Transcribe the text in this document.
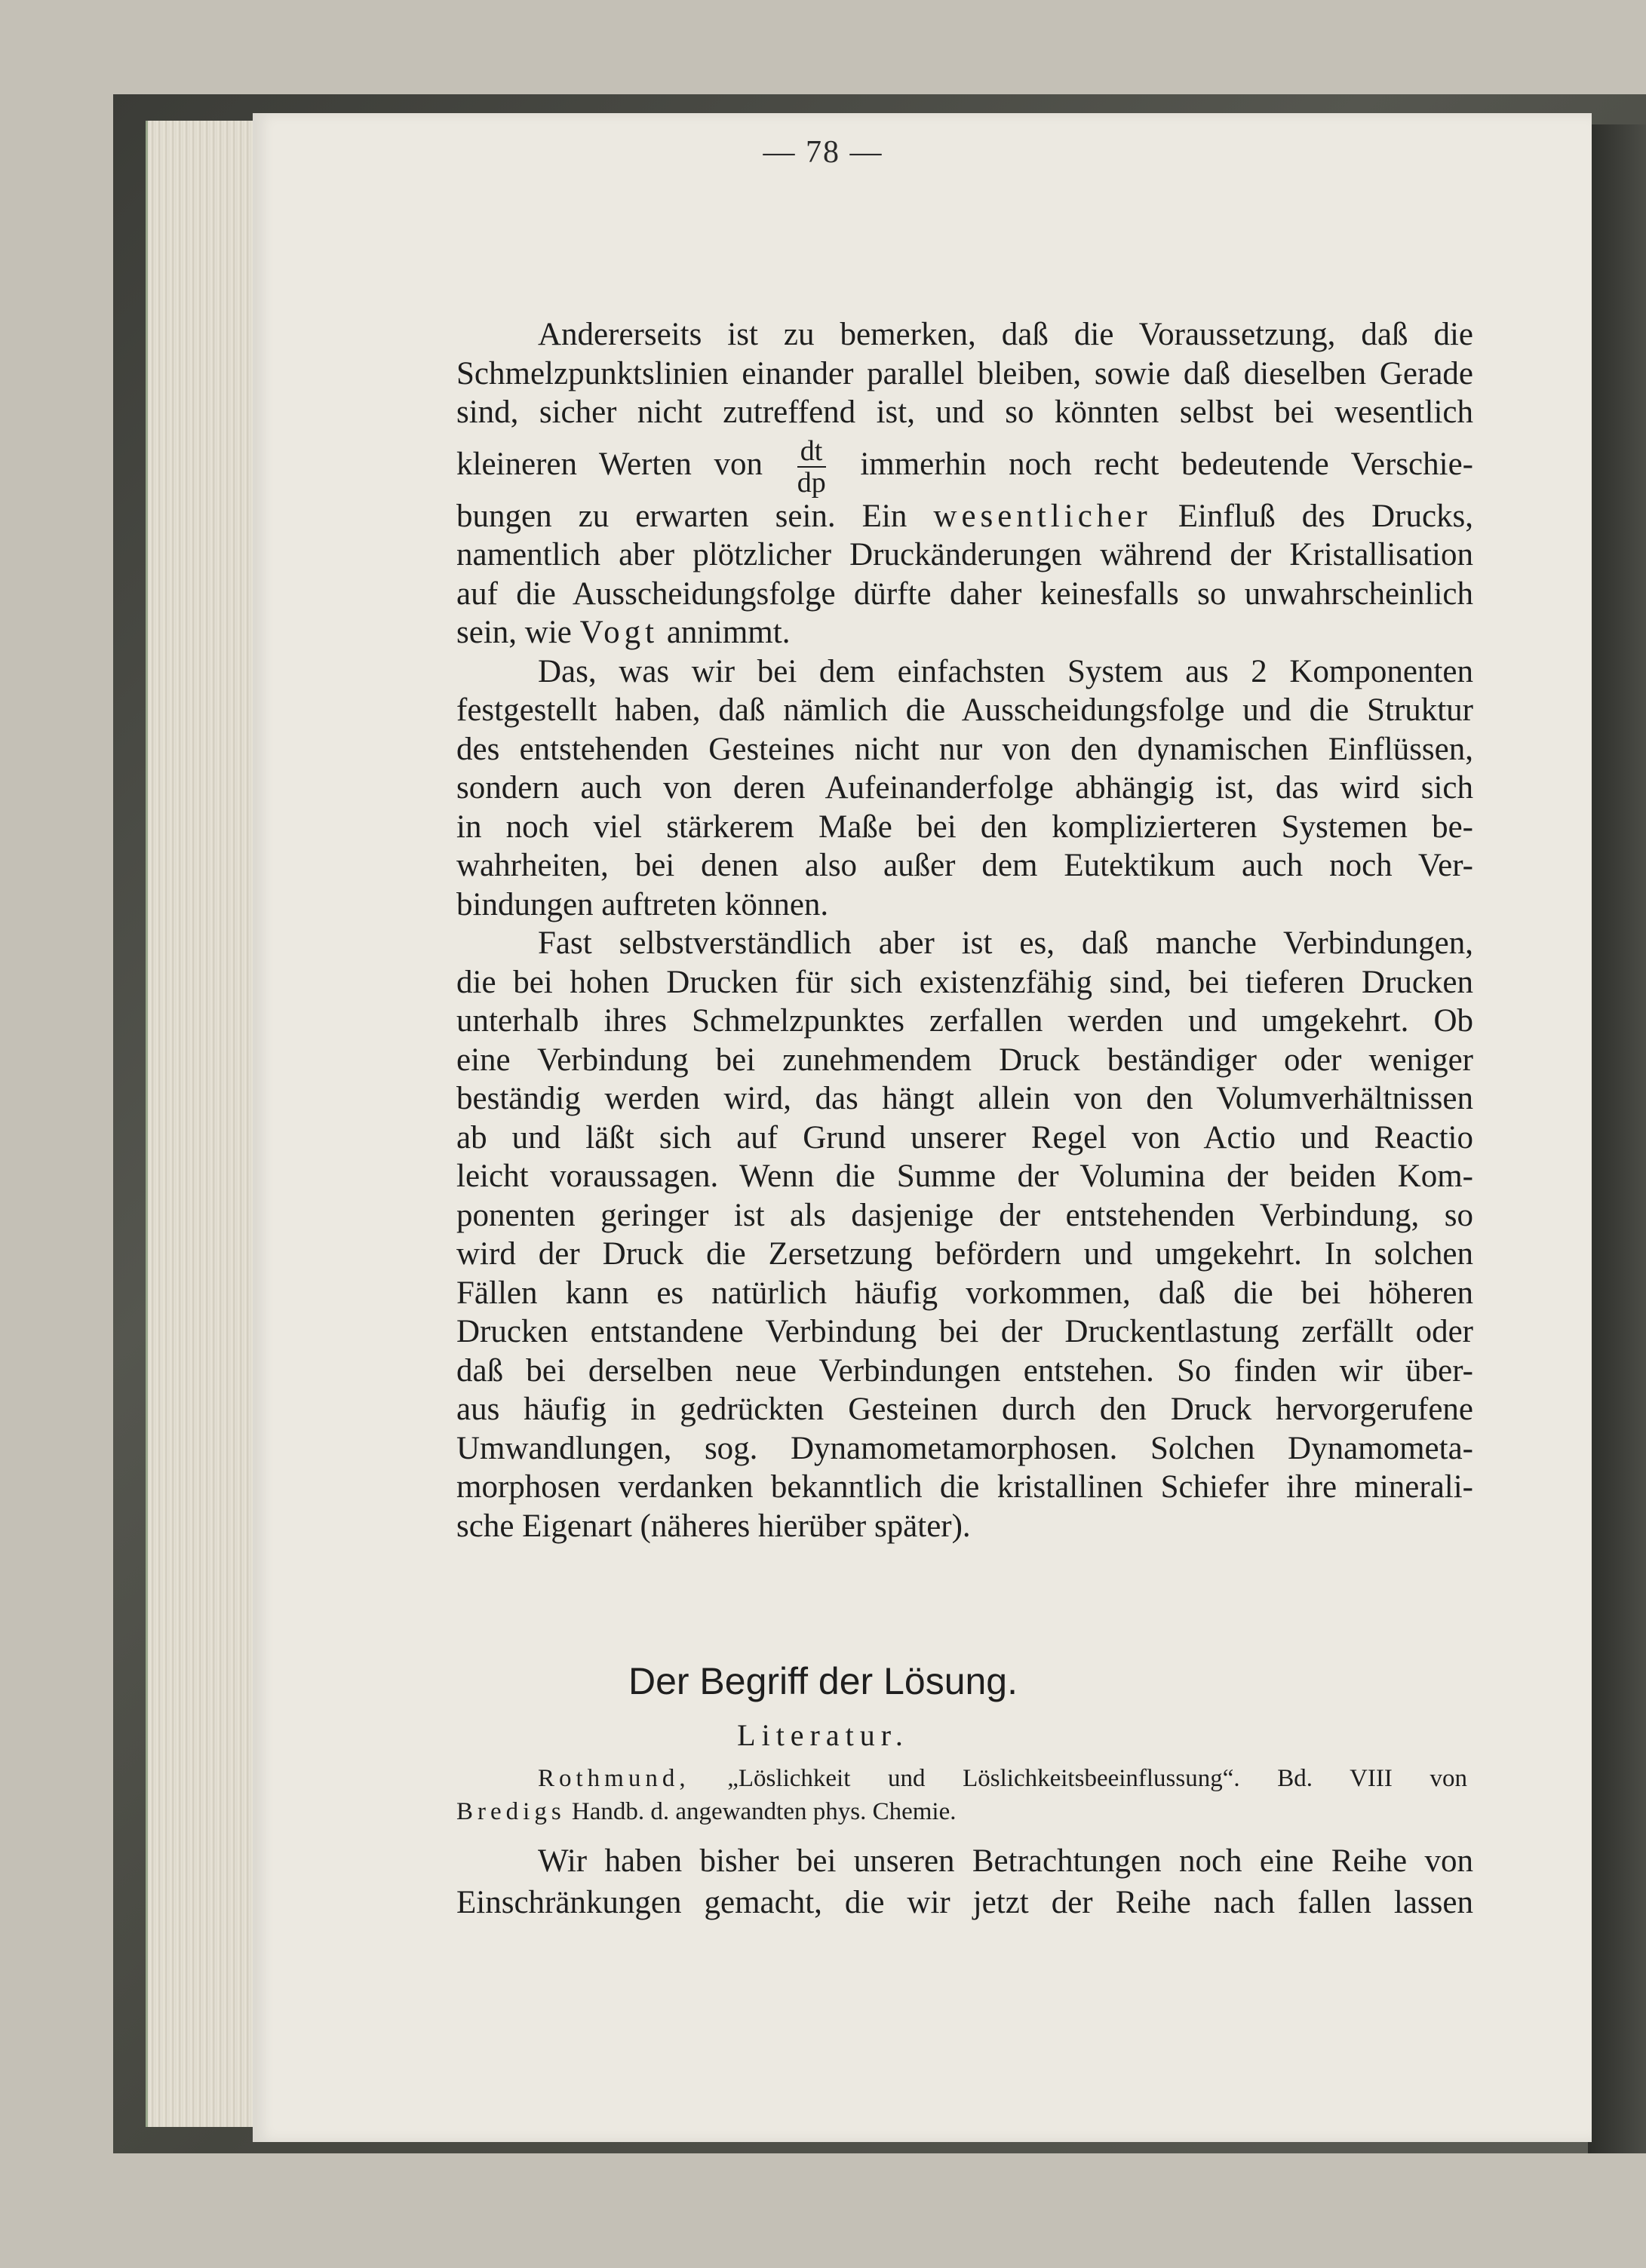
— 78 —
Andererseits ist zu bemerken, daß die Voraussetzung, daß die
Schmelzpunktslinien einander parallel bleiben, sowie daß dieselben Gerade
sind, sicher nicht zutreffend ist, und so könnten selbst bei wesentlich
kleineren Werten von $\frac{dt}{dp}$ immerhin noch recht bedeutende Verschie-
bungen zu erwarten sein. Ein wesentlicher Einfluß des Drucks,
namentlich aber plötzlicher Druckänderungen während der Kristallisation
auf die Ausscheidungsfolge dürfte daher keinesfalls so unwahrscheinlich
sein, wie Vogt annimmt.
Das, was wir bei dem einfachsten System aus 2 Komponenten
festgestellt haben, daß nämlich die Ausscheidungsfolge und die Struktur
des entstehenden Gesteines nicht nur von den dynamischen Einflüssen,
sondern auch von deren Aufeinanderfolge abhängig ist, das wird sich
in noch viel stärkerem Maße bei den komplizierteren Systemen be-
wahrheiten, bei denen also außer dem Eutektikum auch noch Ver-
bindungen auftreten können.
Fast selbstverständlich aber ist es, daß manche Verbindungen,
die bei hohen Drucken für sich existenzfähig sind, bei tieferen Drucken
unterhalb ihres Schmelzpunktes zerfallen werden und umgekehrt. Ob
eine Verbindung bei zunehmendem Druck beständiger oder weniger
beständig werden wird, das hängt allein von den Volumverhältnissen
ab und läßt sich auf Grund unserer Regel von Actio und Reactio
leicht voraussagen. Wenn die Summe der Volumina der beiden Kom-
ponenten geringer ist als dasjenige der entstehenden Verbindung, so
wird der Druck die Zersetzung befördern und umgekehrt. In solchen
Fällen kann es natürlich häufig vorkommen, daß die bei höheren
Drucken entstandene Verbindung bei der Druckentlastung zerfällt oder
daß bei derselben neue Verbindungen entstehen. So finden wir über-
aus häufig in gedrückten Gesteinen durch den Druck hervorgerufene
Umwandlungen, sog. Dynamometamorphosen. Solchen Dynamometa-
morphosen verdanken bekanntlich die kristallinen Schiefer ihre minerali-
sche Eigenart (näheres hierüber später).
Der Begriff der Lösung.
Literatur.
Rothmund, „Löslichkeit und Löslichkeitsbeeinflussung“. Bd. VIII von
Bredigs Handb. d. angewandten phys. Chemie.
Wir haben bisher bei unseren Betrachtungen noch eine Reihe von
Einschränkungen gemacht, die wir jetzt der Reihe nach fallen lassen
